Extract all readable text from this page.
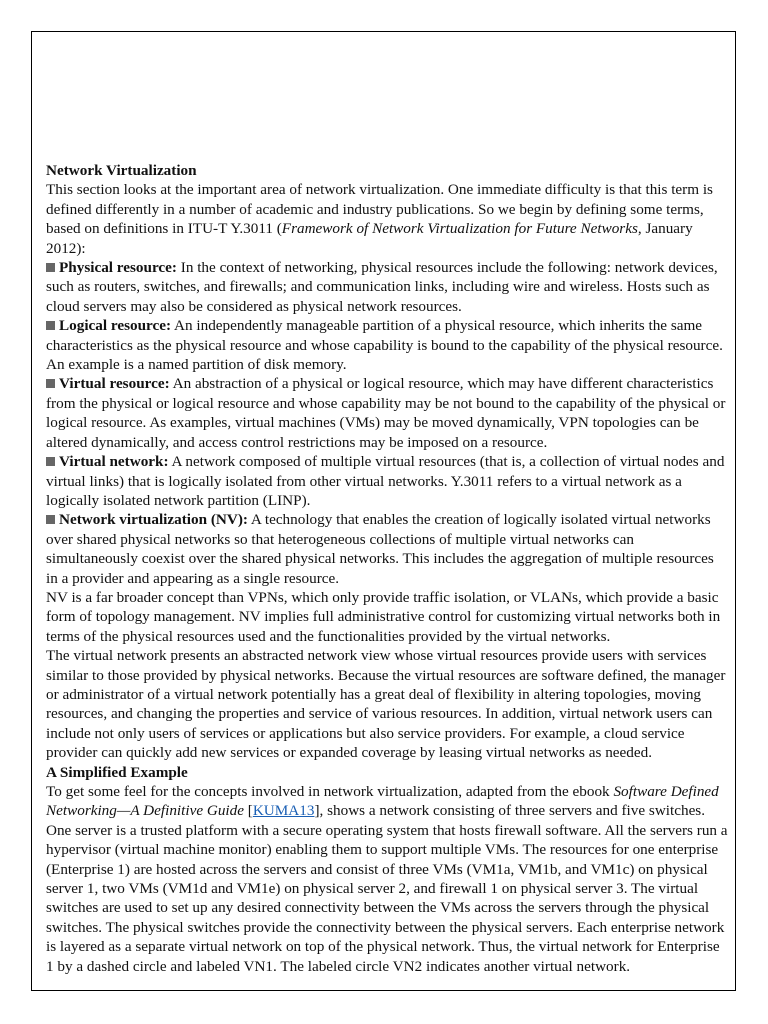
Network Virtualization

This section looks at the important area of network virtualization. One immediate difficulty is that this term is
defined differently in a number of academic and industry publications. So we begin by defining some terms,
based on definitions in ITU-T Y.3011 (Framework of Network Virtualization for Future Networks, January
2012):

Physical resource: In the context of networking, physical resources include the following: network devices,
such as routers, switches, and firewalls; and communication links, including wire and wireless. Hosts such as
cloud servers may also be considered as physical network resources.

Logical resource: An independently manageable partition of a physical resource, which inherits the same
characteristics as the physical resource and whose capability is bound to the capability of the physical resource.
An example is a named partition of disk memory.

Virtual resource: An abstraction of a physical or logical resource, which may have different characteristics
from the physical or logical resource and whose capability may be not bound to the capability of the physical or
logical resource. As examples, virtual machines (VMs) may be moved dynamically, VPN topologies can be
altered dynamically, and access control restrictions may be imposed on a resource.

Virtual network: A network composed of multiple virtual resources (that is, a collection of virtual nodes and
virtual links) that is logically isolated from other virtual networks. Y.3011 refers to a virtual network as a
logically isolated network partition (LINP).

Network virtualization (NV): A technology that enables the creation of logically isolated virtual networks
over shared physical networks so that heterogeneous collections of multiple virtual networks can
simultaneously coexist over the shared physical networks. This includes the aggregation of multiple resources
in a provider and appearing as a single resource.

NV is a far broader concept than VPNs, which only provide traffic isolation, or VLANs, which provide a basic
form of topology management. NV implies full administrative control for customizing virtual networks both in
terms of the physical resources used and the functionalities provided by the virtual networks.

The virtual network presents an abstracted network view whose virtual resources provide users with services
similar to those provided by physical networks. Because the virtual resources are software defined, the manager
or administrator of a virtual network potentially has a great deal of flexibility in altering topologies, moving
resources, and changing the properties and service of various resources. In addition, virtual network users can
include not only users of services or applications but also service providers. For example, a cloud service
provider can quickly add new services or expanded coverage by leasing virtual networks as needed.

A Simplified Example

To get some feel for the concepts involved in network virtualization, adapted from the ebook Software Defined
Networking—A Definitive Guide [KUMA13], shows a network consisting of three servers and five switches.
One server is a trusted platform with a secure operating system that hosts firewall software. All the servers run a
hypervisor (virtual machine monitor) enabling them to support multiple VMs. The resources for one enterprise
(Enterprise 1) are hosted across the servers and consist of three VMs (VM1a, VM1b, and VM1c) on physical
server 1, two VMs (VM1d and VM1e) on physical server 2, and firewall 1 on physical server 3. The virtual
switches are used to set up any desired connectivity between the VMs across the servers through the physical
switches. The physical switches provide the connectivity between the physical servers. Each enterprise network
is layered as a separate virtual network on top of the physical network. Thus, the virtual network for Enterprise
1 by a dashed circle and labeled VN1. The labeled circle VN2 indicates another virtual network.
